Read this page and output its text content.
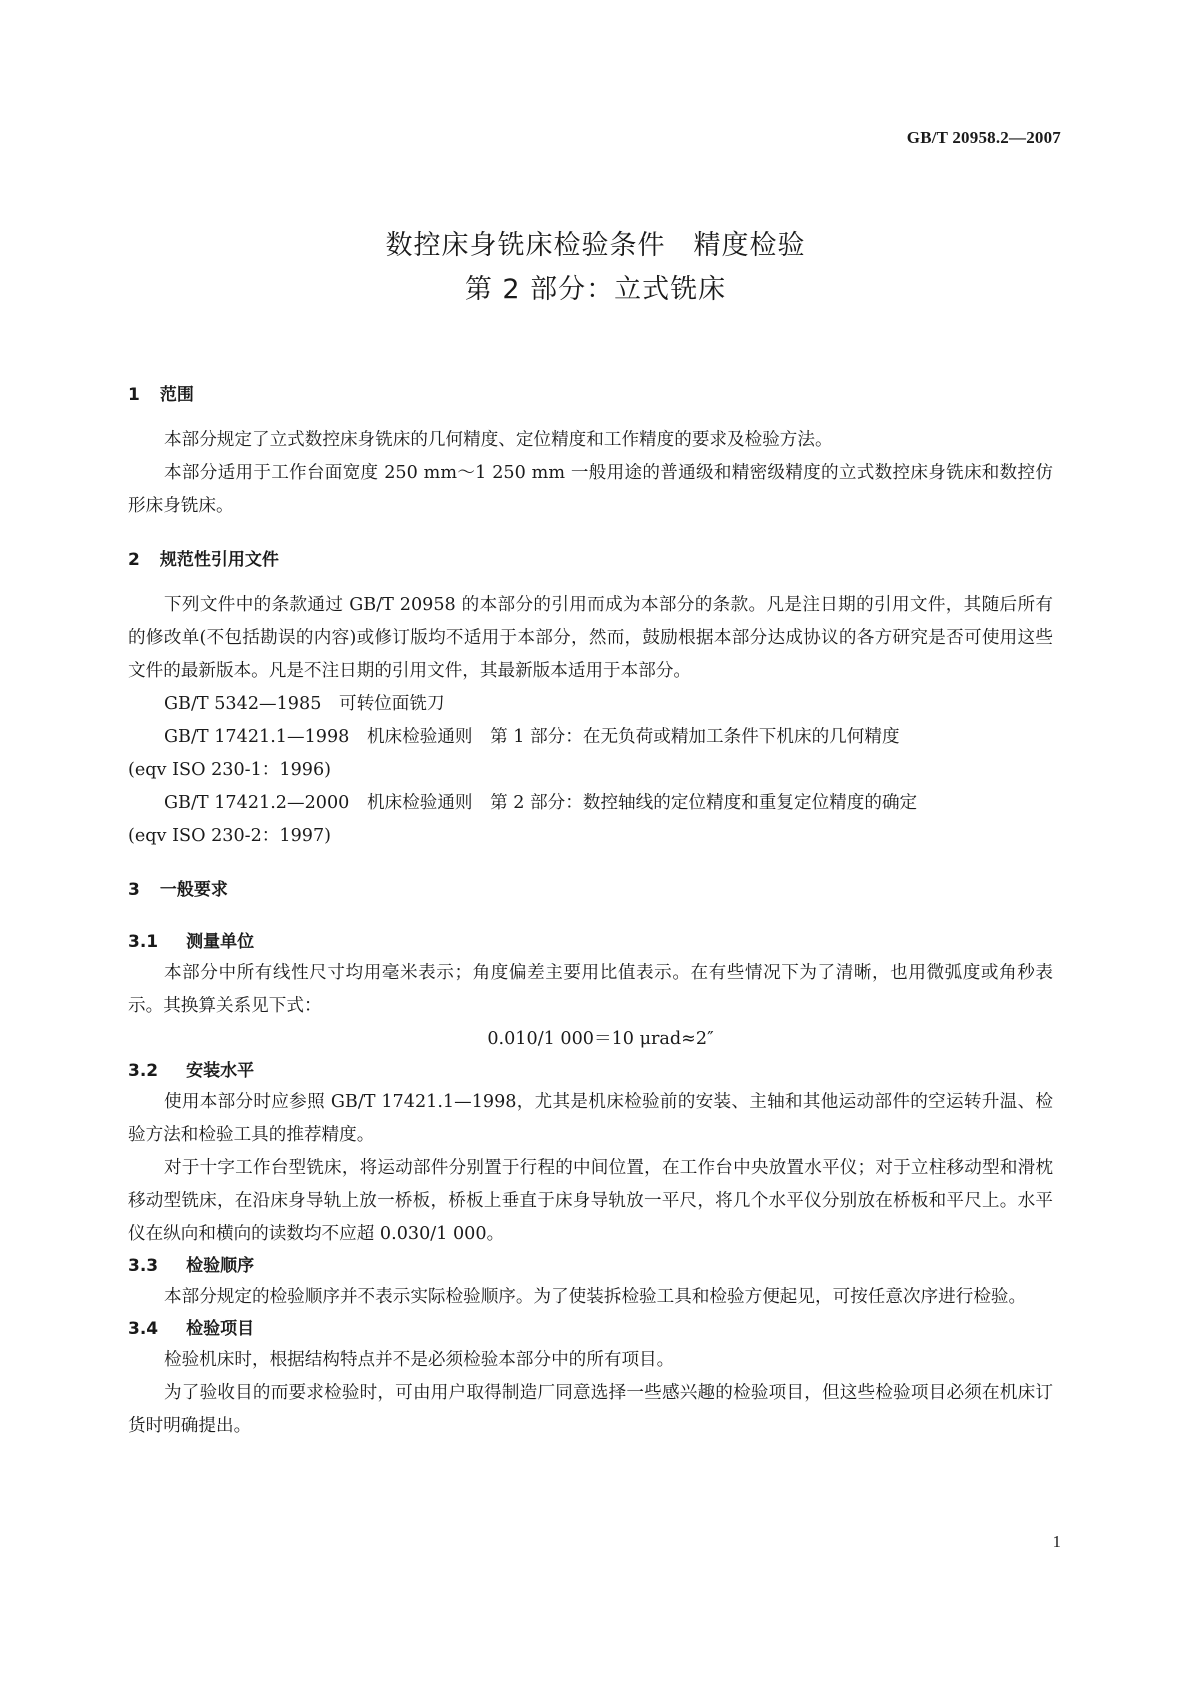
GB/T 20958.2—2007
数控床身铣床检验条件　精度检验
第 2 部分：立式铣床
1 范围

本部分规定了立式数控床身铣床的几何精度、定位精度和工作精度的要求及检验方法。

本部分适用于工作台面宽度 250 mm～1 250 mm 一般用途的普通级和精密级精度的立式数控床身铣床和数控仿形床身铣床。

2 规范性引用文件

下列文件中的条款通过 GB/T 20958 的本部分的引用而成为本部分的条款。凡是注日期的引用文件，其随后所有的修改单(不包括勘误的内容)或修订版均不适用于本部分，然而，鼓励根据本部分达成协议的各方研究是否可使用这些文件的最新版本。凡是不注日期的引用文件，其最新版本适用于本部分。

GB/T 5342—1985　可转位面铣刀

GB/T 17421.1—1998　机床检验通则　第 1 部分：在无负荷或精加工条件下机床的几何精度

(eqv ISO 230-1：1996)

GB/T 17421.2—2000　机床检验通则　第 2 部分：数控轴线的定位精度和重复定位精度的确定

(eqv ISO 230-2：1997)

3 一般要求
3.1 测量单位

本部分中所有线性尺寸均用毫米表示；角度偏差主要用比值表示。在有些情况下为了清晰，也用微弧度或角秒表示。其换算关系见下式：

0.010/1 000＝10 μrad≈2″
3.2 安装水平

使用本部分时应参照 GB/T 17421.1—1998，尤其是机床检验前的安装、主轴和其他运动部件的空运转升温、检验方法和检验工具的推荐精度。

对于十字工作台型铣床，将运动部件分别置于行程的中间位置，在工作台中央放置水平仪；对于立柱移动型和滑枕移动型铣床，在沿床身导轨上放一桥板，桥板上垂直于床身导轨放一平尺，将几个水平仪分别放在桥板和平尺上。水平仪在纵向和横向的读数均不应超 0.030/1 000。

3.3 检验顺序

本部分规定的检验顺序并不表示实际检验顺序。为了使装拆检验工具和检验方便起见，可按任意次序进行检验。

3.4 检验项目

检验机床时，根据结构特点并不是必须检验本部分中的所有项目。

为了验收目的而要求检验时，可由用户取得制造厂同意选择一些感兴趣的检验项目，但这些检验项目必须在机床订货时明确提出。

1
